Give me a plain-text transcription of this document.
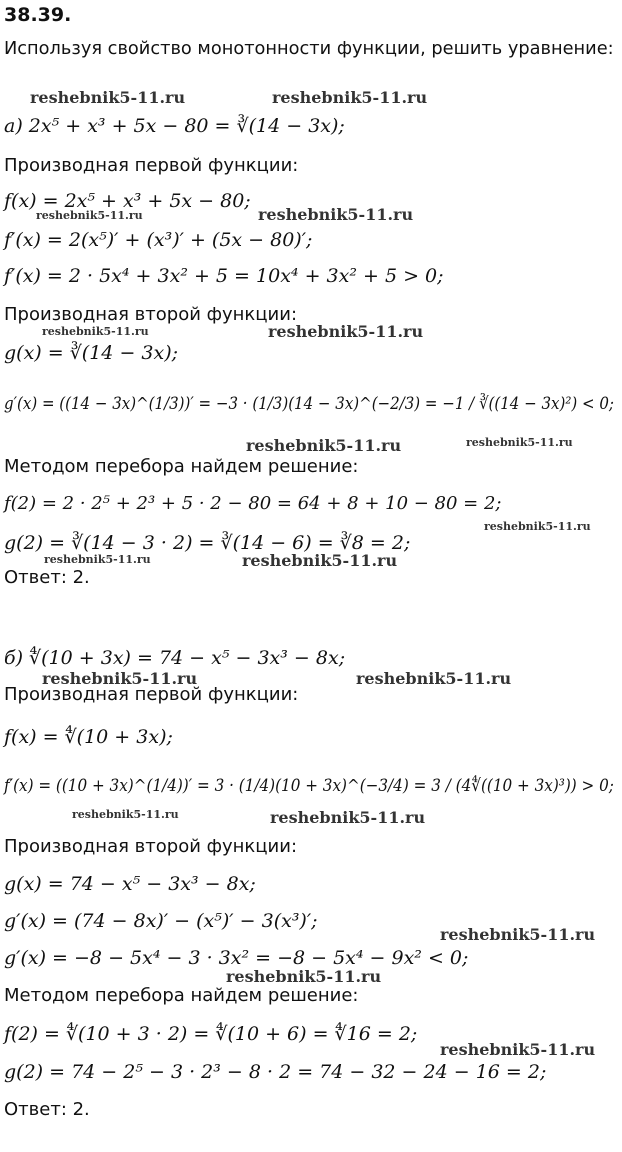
38.39.
Используя свойство монотонности функции, решить уравнение:
а) 2x⁵ + x³ + 5x − 80 = ∛(14 − 3x);
Производная первой функции:
f(x) = 2x⁵ + x³ + 5x − 80;
f′(x) = 2(x⁵)′ + (x³)′ + (5x − 80)′;
f′(x) = 2 · 5x⁴ + 3x² + 5 = 10x⁴ + 3x² + 5 > 0;
Производная второй функции:
g(x) = ∛(14 − 3x);
g′(x) = ((14 − 3x)^(1/3))′ = −3 · (1/3)(14 − 3x)^(−2/3) = −1 / ∛((14 − 3x)²) < 0;
Методом перебора найдем решение:
f(2) = 2 · 2⁵ + 2³ + 5 · 2 − 80 = 64 + 8 + 10 − 80 = 2;
g(2) = ∛(14 − 3 · 2) = ∛(14 − 6) = ∛8 = 2;
Ответ: 2.
б) ∜(10 + 3x) = 74 − x⁵ − 3x³ − 8x;
Производная первой функции:
f(x) = ∜(10 + 3x);
f′(x) = ((10 + 3x)^(1/4))′ = 3 · (1/4)(10 + 3x)^(−3/4) = 3 / (4∜((10 + 3x)³)) > 0;
Производная второй функции:
g(x) = 74 − x⁵ − 3x³ − 8x;
g′(x) = (74 − 8x)′ − (x⁵)′ − 3(x³)′;
g′(x) = −8 − 5x⁴ − 3 · 3x² = −8 − 5x⁴ − 9x² < 0;
Методом перебора найдем решение:
f(2) = ∜(10 + 3 · 2) = ∜(10 + 6) = ∜16 = 2;
g(2) = 74 − 2⁵ − 3 · 2³ − 8 · 2 = 74 − 32 − 24 − 16 = 2;
Ответ: 2.
reshebnik5-11.ru	reshebnik5-11.ru
reshebnik5-11.ru	reshebnik5-11.ru
reshebnik5-11.ru	reshebnik5-11.ru
reshebnik5-11.ru	reshebnik5-11.ru
reshebnik5-11.ru
reshebnik5-11.ru	reshebnik5-11.ru
reshebnik5-11.ru	reshebnik5-11.ru
reshebnik5-11.ru	reshebnik5-11.ru
reshebnik5-11.ru
reshebnik5-11.ru
reshebnik5-11.ru
